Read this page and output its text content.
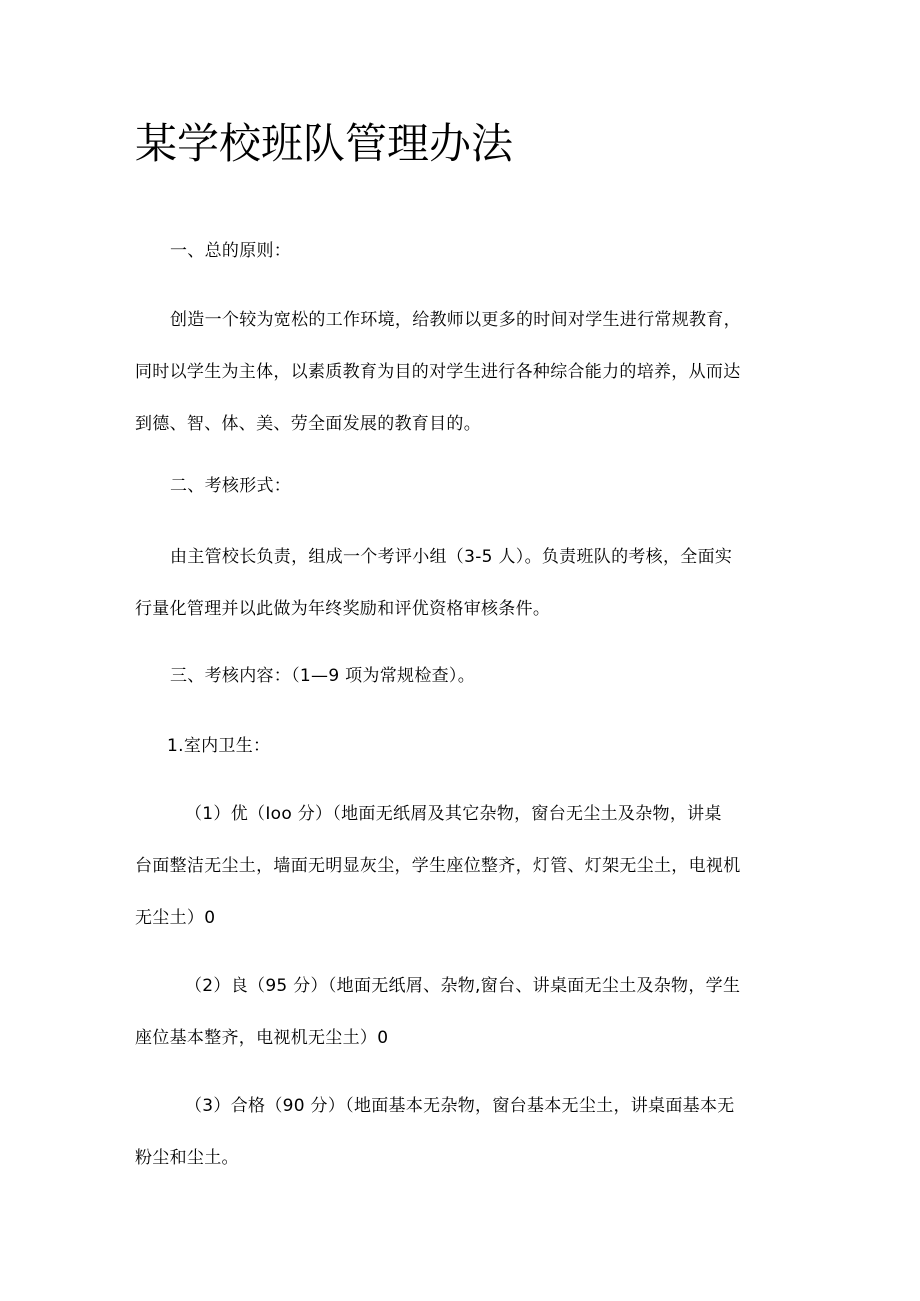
某学校班队管理办法

一、总的原则：

创造一个较为宽松的工作环境，给教师以更多的时间对学生进行常规教育，
同时以学生为主体，以素质教育为目的对学生进行各种综合能力的培养，从而达
到德、智、体、美、劳全面发展的教育目的。

二、考核形式：

由主管校长负责，组成一个考评小组（3-5 人）。负责班队的考核，全面实
行量化管理并以此做为年终奖励和评优资格审核条件。

三、考核内容：（1—9 项为常规检查）。

1.室内卫生：

（1）优（Ioo 分）（地面无纸屑及其它杂物，窗台无尘土及杂物，讲桌
台面整洁无尘土，墙面无明显灰尘，学生座位整齐，灯管、灯架无尘土，电视机
无尘土）0

（2）良（95 分）（地面无纸屑、杂物,窗台、讲桌面无尘土及杂物，学生
座位基本整齐，电视机无尘土）0

（3）合格（90 分）（地面基本无杂物，窗台基本无尘土，讲桌面基本无
粉尘和尘土。
